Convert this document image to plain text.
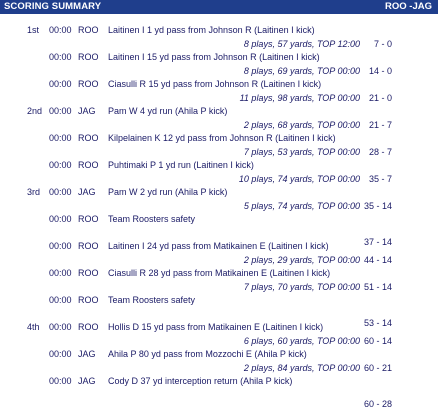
SCORING SUMMARY	ROO -JAG
1st 00:00 ROO Laitinen I 1 yd pass from Johnson R (Laitinen I kick)
8 plays, 57 yards, TOP 12:00 7 - 0
00:00 ROO Laitinen I 15 yd pass from Johnson R (Laitinen I kick)
8 plays, 69 yards, TOP 00:00 14 - 0
00:00 ROO Ciasulli R 15 yd pass from Johnson R (Laitinen I kick)
11 plays, 98 yards, TOP 00:00 21 - 0
2nd 00:00 JAG Pam W 4 yd run (Ahila P kick)
2 plays, 68 yards, TOP 00:00 21 - 7
00:00 ROO Kilpelainen K 12 yd pass from Johnson R (Laitinen I kick)
7 plays, 53 yards, TOP 00:00 28 - 7
00:00 ROO Puhtimaki P 1 yd run (Laitinen I kick)
10 plays, 74 yards, TOP 00:00 35 - 7
3rd 00:00 JAG Pam W 2 yd run (Ahila P kick)
5 plays, 74 yards, TOP 00:00 35 - 14
00:00 ROO Team Roosters safety
37 - 14
00:00 ROO Laitinen I 24 yd pass from Matikainen E (Laitinen I kick)
2 plays, 29 yards, TOP 00:00 44 - 14
00:00 ROO Ciasulli R 28 yd pass from Matikainen E (Laitinen I kick)
7 plays, 70 yards, TOP 00:00 51 - 14
00:00 ROO Team Roosters safety
53 - 14
4th 00:00 ROO Hollis D 15 yd pass from Matikainen E (Laitinen I kick)
6 plays, 60 yards, TOP 00:00 60 - 14
00:00 JAG Ahila P 80 yd pass from Mozzochi E (Ahila P kick)
2 plays, 84 yards, TOP 00:00 60 - 21
00:00 JAG Cody D 37 yd interception return (Ahila P kick)
60 - 28
